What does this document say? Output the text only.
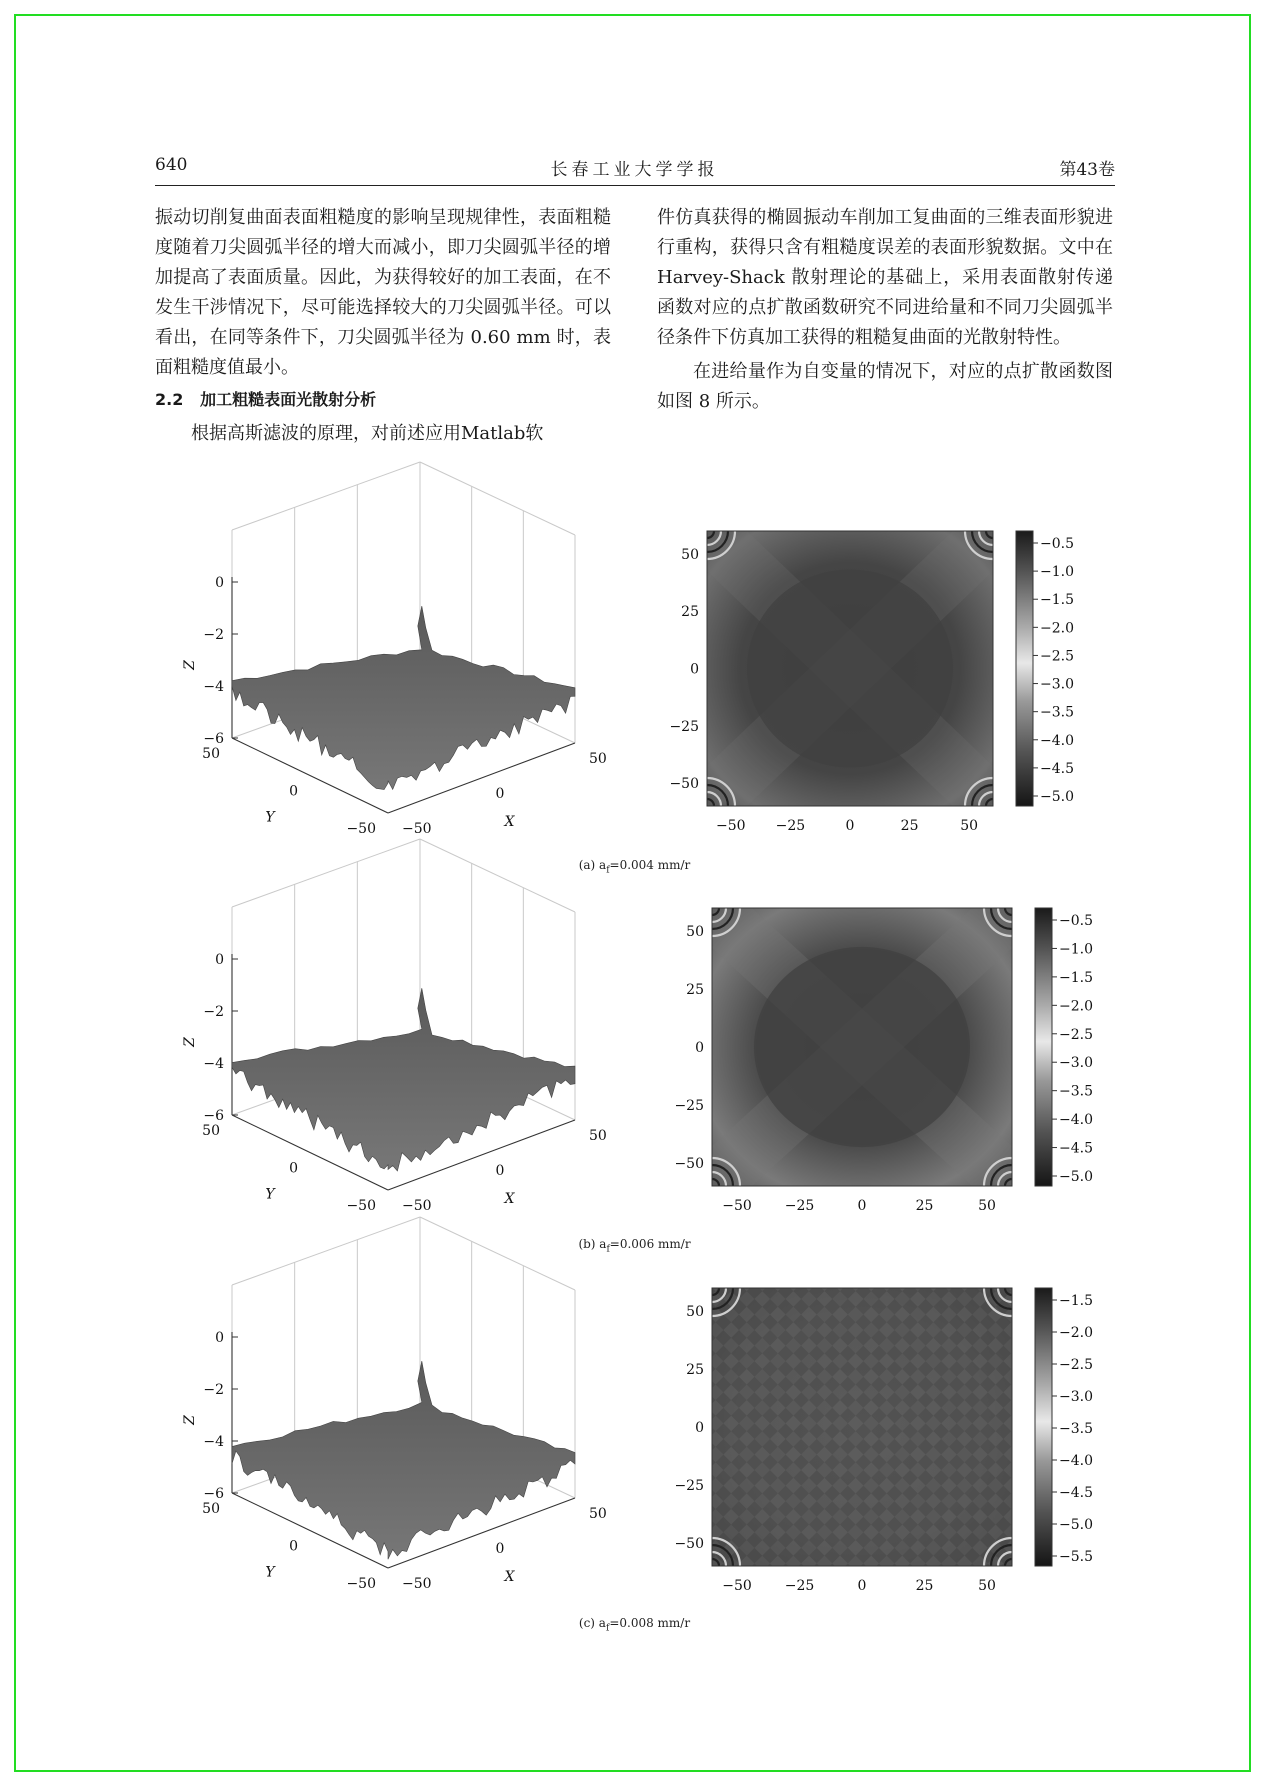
640	长春工业大学学报	第43卷

振动切削复曲面表面粗糙度的影响呈现规律性，表面粗糙度随着刀尖圆弧半径的增大而减小，即刀尖圆弧半径的增加提高了表面质量。因此，为获得较好的加工表面，在不发生干涉情况下，尽可能选择较大的刀尖圆弧半径。可以看出，在同等条件下，刀尖圆弧半径为 0.60 mm 时，表面粗糙度值最小。

2.2 加工粗糙表面光散射分析

根据高斯滤波的原理，对前述应用Matlab软

件仿真获得的椭圆振动车削加工复曲面的三维表面形貌进行重构，获得只含有粗糙度误差的表面形貌数据。文中在 Harvey-Shack 散射理论的基础上，采用表面散射传递函数对应的点扩散函数研究不同进给量和不同刀尖圆弧半径条件下仿真加工获得的粗糙复曲面的光散射特性。

在进给量作为自变量的情况下，对应的点扩散函数图如图 8 所示。

0
−2
−4
−6
Z
50
0
−50
Y
−50
0
50
X
50
25
0
−25
−50
−50 −25	0	25	50
−0.5
−1.0
−1.5
−2.0
−2.5
−3.0
−3.5
−4.0
−4.5
−5.0
0
−2
−4
−6
Z
50
0
−50
Y
−50
0
50
X
50
25
0
−25
−50
−50 −25	0	25	50
−0.5
−1.0
−1.5
−2.0
−2.5
−3.0
−3.5
−4.0
−4.5
−5.0
0
−2
−4
−6
Z
50
0
−50
Y
−50
0
50
X
50
25
0
−25
−50
−50 −25	0	25	50
−1.5
−2.0
−2.5
−3.0
−3.5
−4.0
−4.5
−5.0
−5.5
(a) $a_f=0.004$ mm/r
(b) $a_f=0.006$ mm/r
(c) $a_f=0.008$ mm/r
